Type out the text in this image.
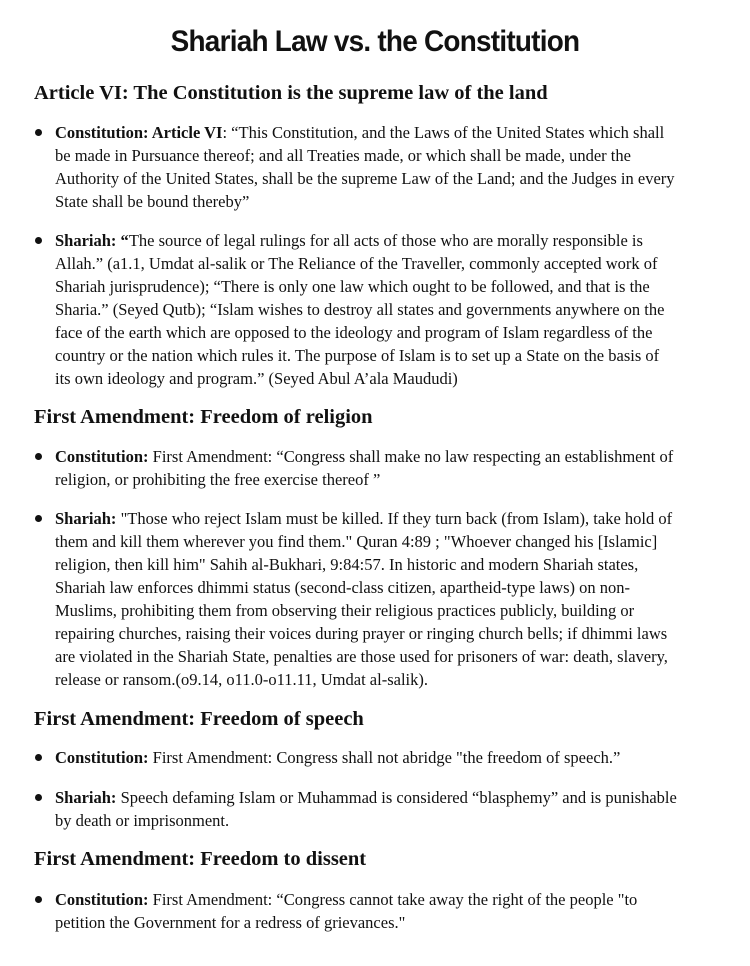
Shariah Law vs. the Constitution
Article VI: The Constitution is the supreme law of the land
Constitution: Article VI: “This Constitution, and the Laws of the United States which shall
be made in Pursuance thereof; and all Treaties made, or which shall be made, under the
Authority of the United States, shall be the supreme Law of the Land; and the Judges in every
State shall be bound thereby”
Shariah: “The source of legal rulings for all acts of those who are morally responsible is
Allah.” (a1.1, Umdat al-salik or The Reliance of the Traveller, commonly accepted work of
Shariah jurisprudence); “There is only one law which ought to be followed, and that is the
Sharia.” (Seyed Qutb); “Islam wishes to destroy all states and governments anywhere on the
face of the earth which are opposed to the ideology and program of Islam regardless of the
country or the nation which rules it. The purpose of Islam is to set up a State on the basis of
its own ideology and program.” (Seyed Abul A’ala Maududi)
First Amendment: Freedom of religion
Constitution: First Amendment: “Congress shall make no law respecting an establishment of
religion, or prohibiting the free exercise thereof ”
Shariah: "Those who reject Islam must be killed. If they turn back (from Islam), take hold of
them and kill them wherever you find them." Quran 4:89 ; "Whoever changed his [Islamic]
religion, then kill him" Sahih al-Bukhari, 9:84:57. In historic and modern Shariah states,
Shariah law enforces dhimmi status (second-class citizen, apartheid-type laws) on non-
Muslims, prohibiting them from observing their religious practices publicly, building or
repairing churches, raising their voices during prayer or ringing church bells; if dhimmi laws
are violated in the Shariah State, penalties are those used for prisoners of war: death, slavery,
release or ransom.(o9.14, o11.0-o11.11, Umdat al-salik).
First Amendment: Freedom of speech
Constitution: First Amendment: Congress shall not abridge "the freedom of speech.”
Shariah: Speech defaming Islam or Muhammad is considered “blasphemy” and is punishable
by death or imprisonment.
First Amendment: Freedom to dissent
Constitution: First Amendment: “Congress cannot take away the right of the people "to
petition the Government for a redress of grievances."
